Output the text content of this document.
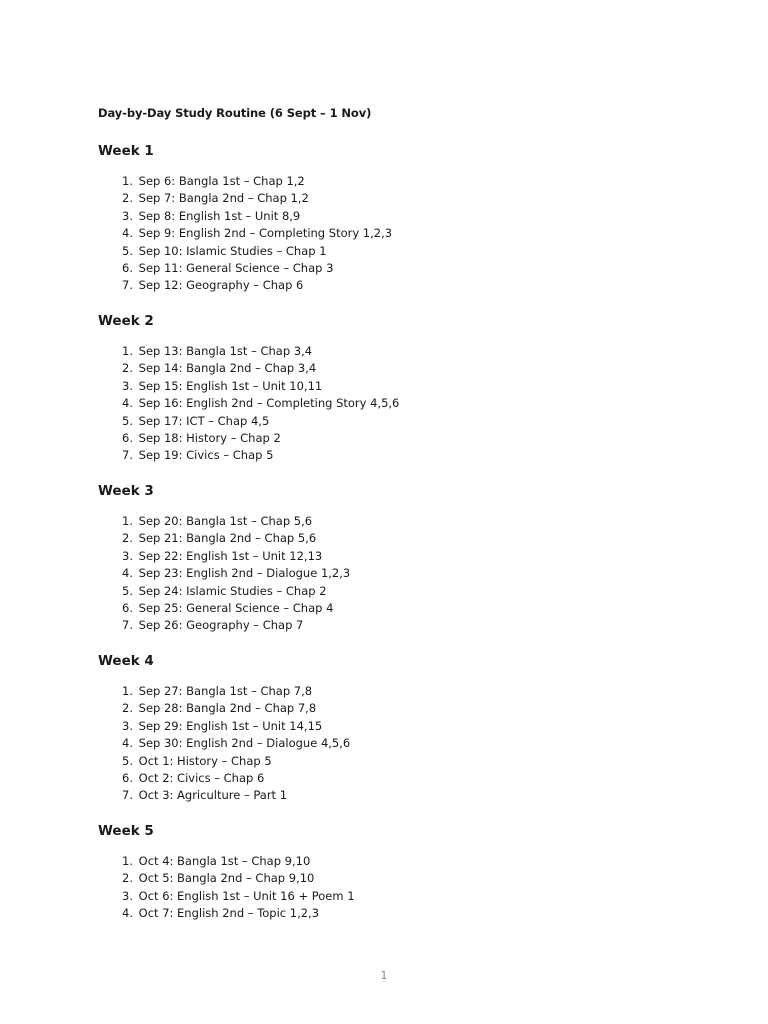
Day-by-Day Study Routine (6 Sept – 1 Nov)
Week 1
1. Sep 6: Bangla 1st – Chap 1,2
2. Sep 7: Bangla 2nd – Chap 1,2
3. Sep 8: English 1st – Unit 8,9
4. Sep 9: English 2nd – Completing Story 1,2,3
5. Sep 10: Islamic Studies – Chap 1
6. Sep 11: General Science – Chap 3
7. Sep 12: Geography – Chap 6
Week 2
1. Sep 13: Bangla 1st – Chap 3,4
2. Sep 14: Bangla 2nd – Chap 3,4
3. Sep 15: English 1st – Unit 10,11
4. Sep 16: English 2nd – Completing Story 4,5,6
5. Sep 17: ICT – Chap 4,5
6. Sep 18: History – Chap 2
7. Sep 19: Civics – Chap 5
Week 3
1. Sep 20: Bangla 1st – Chap 5,6
2. Sep 21: Bangla 2nd – Chap 5,6
3. Sep 22: English 1st – Unit 12,13
4. Sep 23: English 2nd – Dialogue 1,2,3
5. Sep 24: Islamic Studies – Chap 2
6. Sep 25: General Science – Chap 4
7. Sep 26: Geography – Chap 7
Week 4
1. Sep 27: Bangla 1st – Chap 7,8
2. Sep 28: Bangla 2nd – Chap 7,8
3. Sep 29: English 1st – Unit 14,15
4. Sep 30: English 2nd – Dialogue 4,5,6
5. Oct 1: History – Chap 5
6. Oct 2: Civics – Chap 6
7. Oct 3: Agriculture – Part 1
Week 5
1. Oct 4: Bangla 1st – Chap 9,10
2. Oct 5: Bangla 2nd – Chap 9,10
3. Oct 6: English 1st – Unit 16 + Poem 1
4. Oct 7: English 2nd – Topic 1,2,3
1
